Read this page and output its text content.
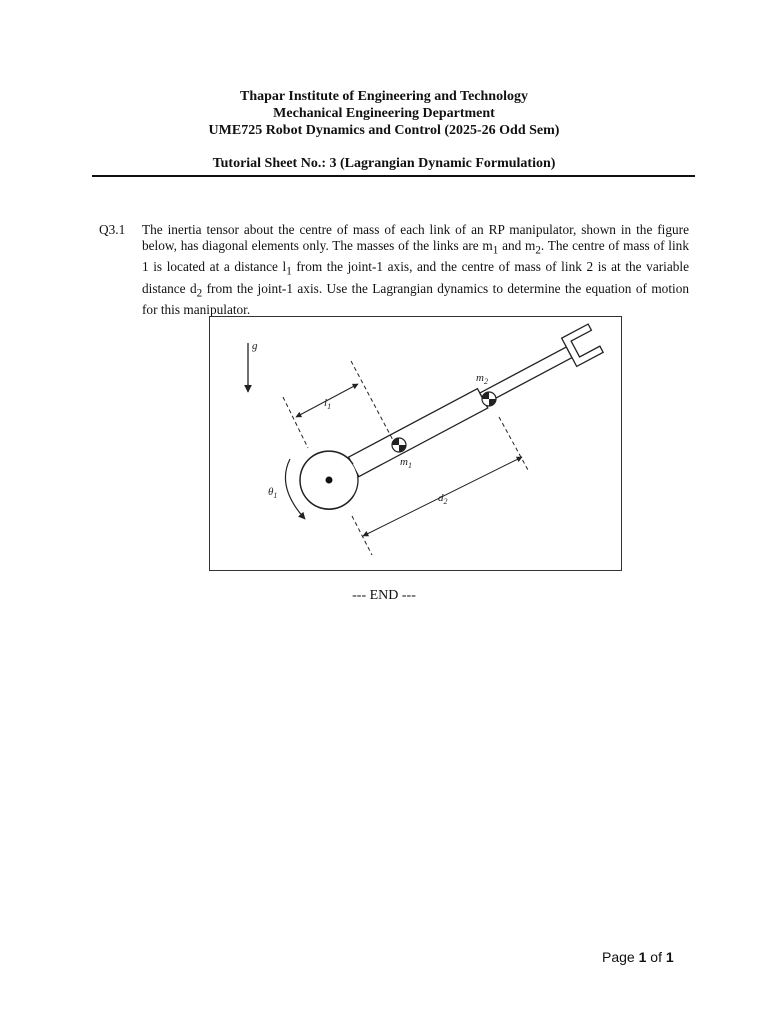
Thapar Institute of Engineering and Technology
Mechanical Engineering Department
UME725 Robot Dynamics and Control (2025-26 Odd Sem)
Tutorial Sheet No.: 3 (Lagrangian Dynamic Formulation)
Q3.1 The inertia tensor about the centre of mass of each link of an RP manipulator, shown in the figure below, has diagonal elements only. The masses of the links are $m_1$ and $m_2$. The centre of mass of link 1 is located at a distance $l_1$ from the joint-1 axis, and the centre of mass of link 2 is at the variable distance $d_2$ from the joint-1 axis. Use the Lagrangian dynamics to determine the equation of motion for this manipulator.
g
$l_1$
$d_2$
$m_2$
$m_1$
$\theta_1$
--- END ---
Page 1 of 1
